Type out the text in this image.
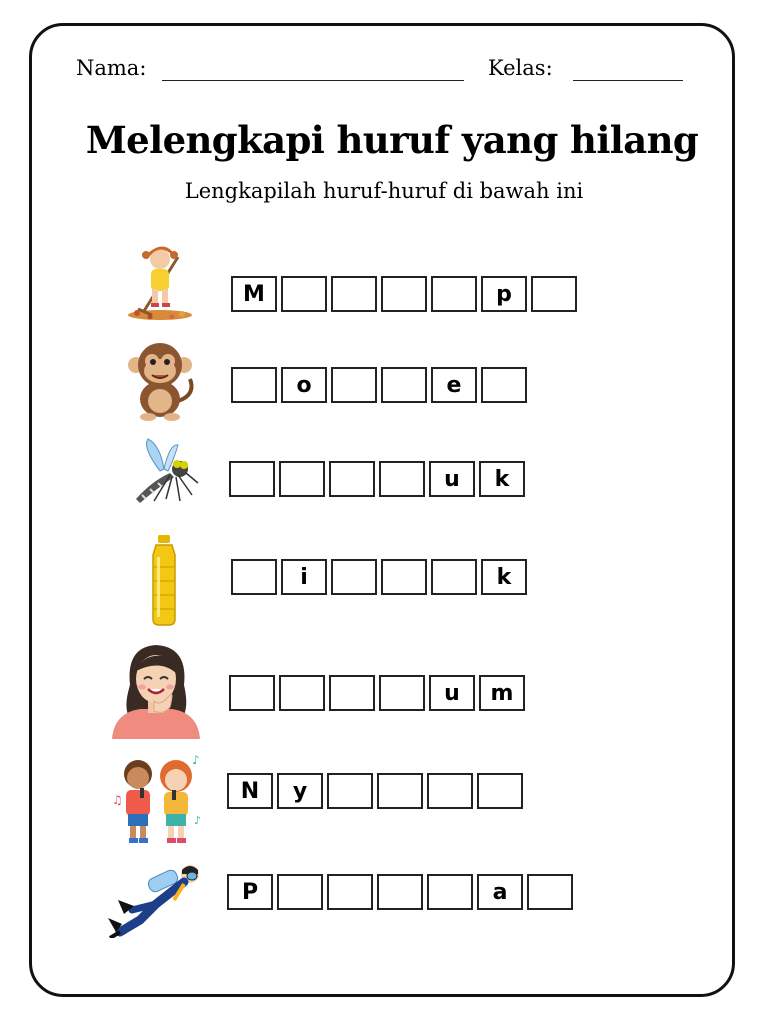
Nama:	Kelas:
Melengkapi huruf yang hilang
Lengkapilah huruf-huruf di bawah ini
M	p
o	e
u	k
i	k
u	m
♪
♫
♪
N	y
P	a
